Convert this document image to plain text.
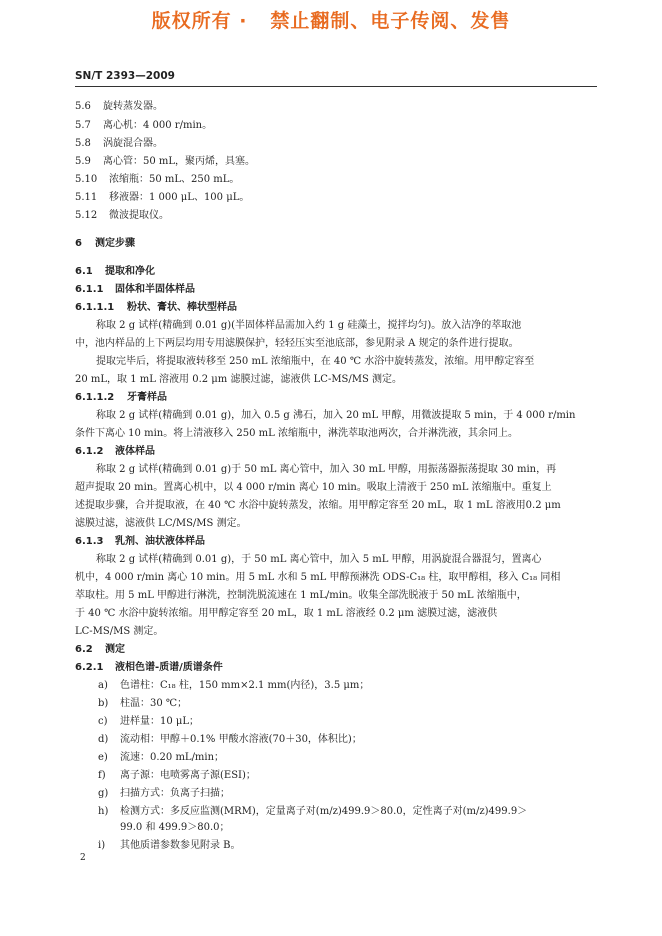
版权所有 ·   禁止翻制、电子传阅、发售
SN/T 2393—2009
5.6 旋转蒸发器。
5.7 离心机：4 000 r/min。
5.8 涡旋混合器。
5.9 离心管：50 mL，聚丙烯，具塞。
5.10 浓缩瓶：50 mL、250 mL。
5.11 移液器：1 000 μL、100 μL。
5.12 微波提取仪。
6 测定步骤
6.1 提取和净化
6.1.1 固体和半固体样品
6.1.1.1 粉状、膏状、棒状型样品
称取 2 g 试样(精确到 0.01 g)(半固体样品需加入约 1 g 硅藻土，搅拌均匀)。放入洁净的萃取池
中，池内样品的上下两层均用专用滤膜保护，轻轻压实至池底部，参见附录 A 规定的条件进行提取。
提取完毕后，将提取液转移至 250 mL 浓缩瓶中，在 40 ℃ 水浴中旋转蒸发，浓缩。用甲醇定容至
20 mL，取 1 mL 溶液用 0.2 μm 滤膜过滤，滤液供 LC-MS/MS 测定。
6.1.1.2 牙膏样品
称取 2 g 试样(精确到 0.01 g)，加入 0.5 g 沸石，加入 20 mL 甲醇，用微波提取 5 min，于 4 000 r/min
条件下离心 10 min。将上清液移入 250 mL 浓缩瓶中，淋洗萃取池两次，合并淋洗液，其余同上。
6.1.2 液体样品
称取 2 g 试样(精确到 0.01 g)于 50 mL 离心管中，加入 30 mL 甲醇，用振荡器振荡提取 30 min，再
超声提取 20 min。置离心机中，以 4 000 r/min 离心 10 min。吸取上清液于 250 mL 浓缩瓶中。重复上
述提取步骤，合并提取液，在 40 ℃ 水浴中旋转蒸发，浓缩。用甲醇定容至 20 mL，取 1 mL 溶液用0.2 μm
滤膜过滤，滤液供 LC/MS/MS 测定。
6.1.3 乳剂、油状液体样品
称取 2 g 试样(精确到 0.01 g)，于 50 mL 离心管中，加入 5 mL 甲醇，用涡旋混合器混匀，置离心
机中，4 000 r/min 离心 10 min。用 5 mL 水和 5 mL 甲醇预淋洗 ODS-C₁₈ 柱，取甲醇相，移入 C₁₈ 同相
萃取柱。用 5 mL 甲醇进行淋洗，控制洗脱流速在 1 mL/min。收集全部洗脱液于 50 mL 浓缩瓶中，
于 40 ℃ 水浴中旋转浓缩。用甲醇定容至 20 mL，取 1 mL 溶液经 0.2 μm 滤膜过滤，滤液供
LC-MS/MS 测定。
6.2 测定
6.2.1 液相色谱-质谱/质谱条件
a) 色谱柱：C₁₈ 柱，150 mm×2.1 mm(内径)，3.5 μm；
b) 柱温：30 ℃；
c) 进样量：10 μL；
d) 流动相：甲醇＋0.1% 甲酸水溶液(70＋30，体积比)；
e) 流速：0.20 mL/min；
f) 离子源：电喷雾离子源(ESI)；
g) 扫描方式：负离子扫描；
h) 检测方式：多反应监测(MRM)，定量离子对(m/z)499.9＞80.0，定性离子对(m/z)499.9＞
99.0 和 499.9＞80.0；
i) 其他质谱参数参见附录 B。
2
